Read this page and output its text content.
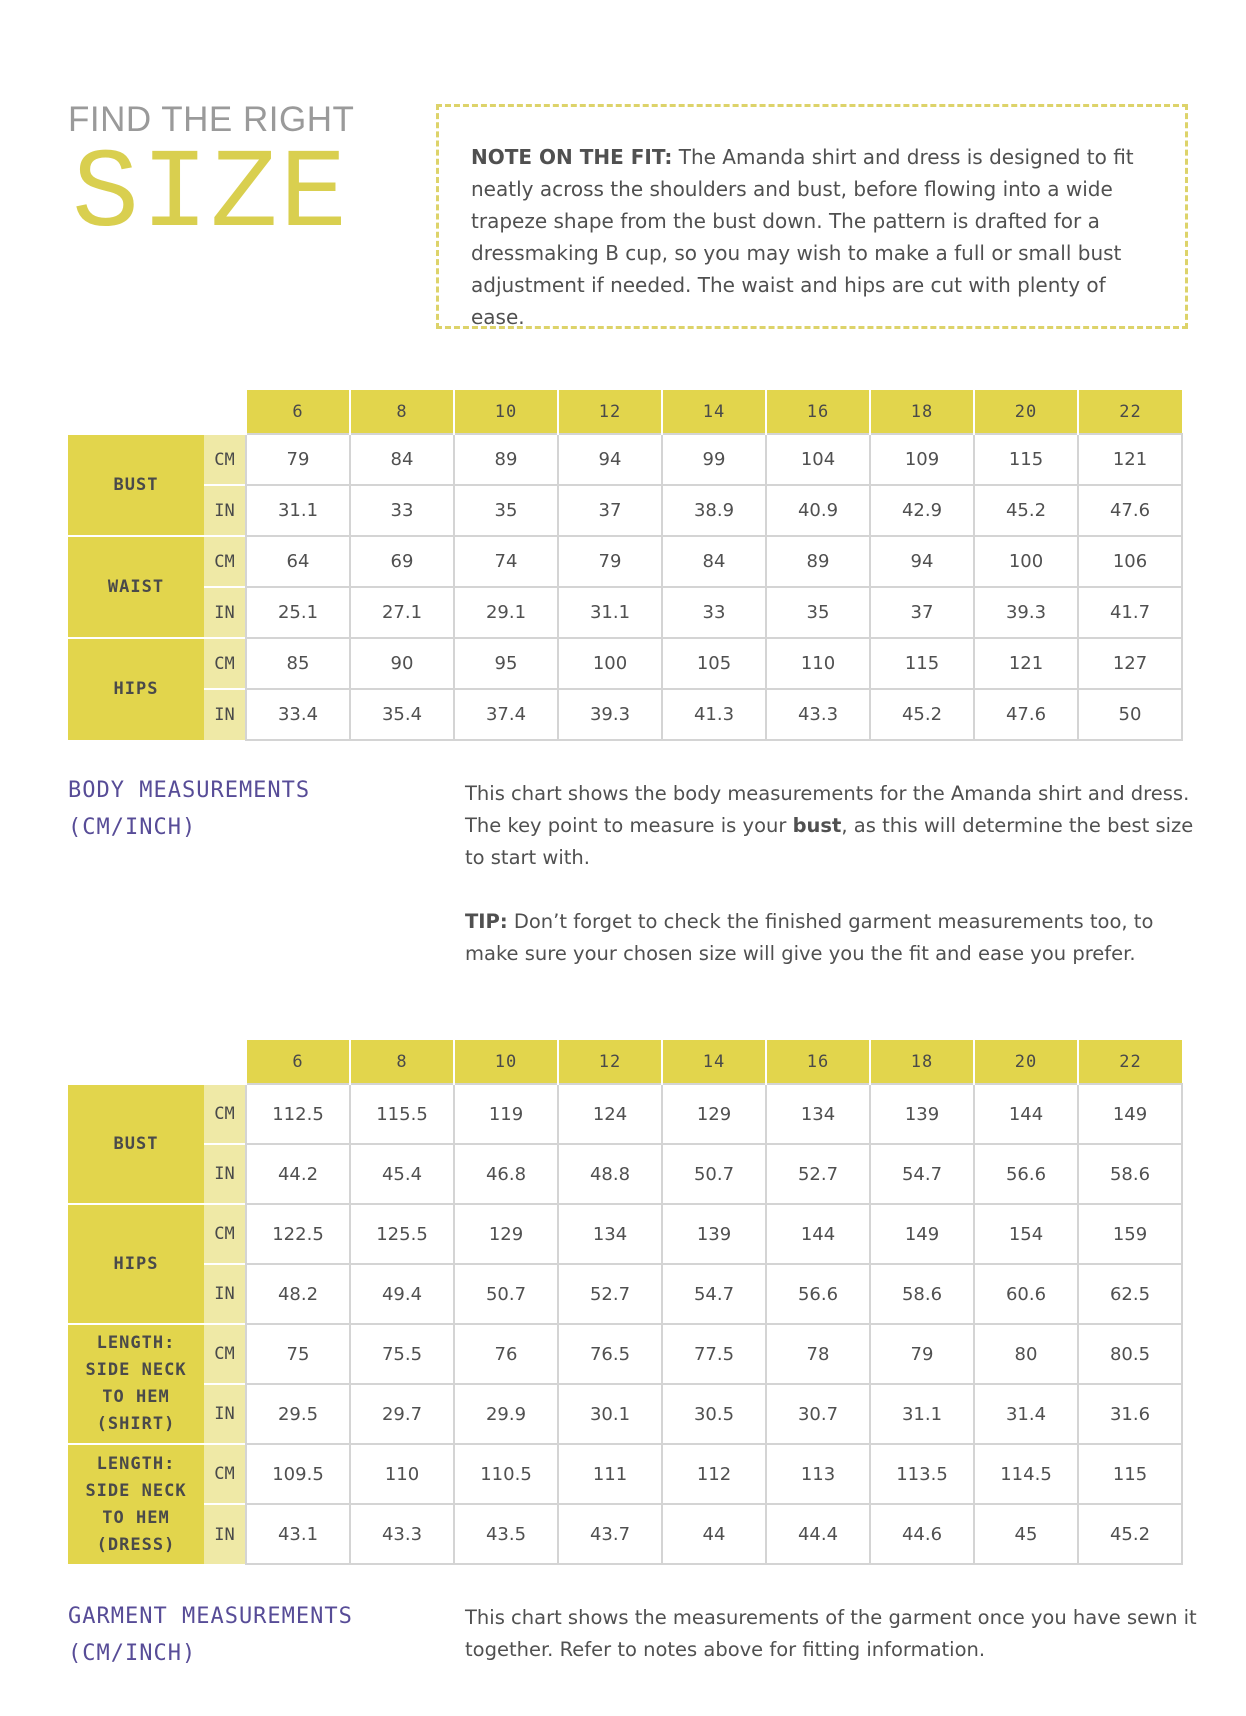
FIND THE RIGHT
SIZE	NOTE ON THE FIT: The Amanda shirt and dress is designed to fit neatly across the shoulders and bust, before flowing into a wide trapeze shape from the bust down. The pattern is drafted for a dressmaking B cup, so you may wish to make a full or small bust adjustment if needed. The waist and hips are cut with plenty of ease.
		6	8	10	12	14	16	18	20	22
BUST	CM	79	84	89	94	99	104	109	115	121
	IN	31.1	33	35	37	38.9	40.9	42.9	45.2	47.6
WAIST	CM	64	69	74	79	84	89	94	100	106
	IN	25.1	27.1	29.1	31.1	33	35	37	39.3	41.7
HIPS	CM	85	90	95	100	105	110	115	121	127
	IN	33.4	35.4	37.4	39.3	41.3	43.3	45.2	47.6	50
BODY MEASUREMENTS
(CM/INCH)

This chart shows the body measurements for the Amanda shirt and dress. The key point to measure is your bust, as this will determine the best size to start with.

TIP: Don’t forget to check the finished garment measurements too, to make sure your chosen size will give you the fit and ease you prefer.

		6	8	10	12	14	16	18	20	22
BUST	CM	112.5	115.5	119	124	129	134	139	144	149
	IN	44.2	45.4	46.8	48.8	50.7	52.7	54.7	56.6	58.6
HIPS	CM	122.5	125.5	129	134	139	144	149	154	159
	IN	48.2	49.4	50.7	52.7	54.7	56.6	58.6	60.6	62.5
LENGTH:
SIDE NECK
TO HEM
(SHIRT)	CM	75	75.5	76	76.5	77.5	78	79	80	80.5
	IN	29.5	29.7	29.9	30.1	30.5	30.7	31.1	31.4	31.6
LENGTH:
SIDE NECK
TO HEM
(DRESS)	CM	109.5	110	110.5	111	112	113	113.5	114.5	115
	IN	43.1	43.3	43.5	43.7	44	44.4	44.6	45	45.2
GARMENT MEASUREMENTS
(CM/INCH)

This chart shows the measurements of the garment once you have sewn it together. Refer to notes above for fitting information.
